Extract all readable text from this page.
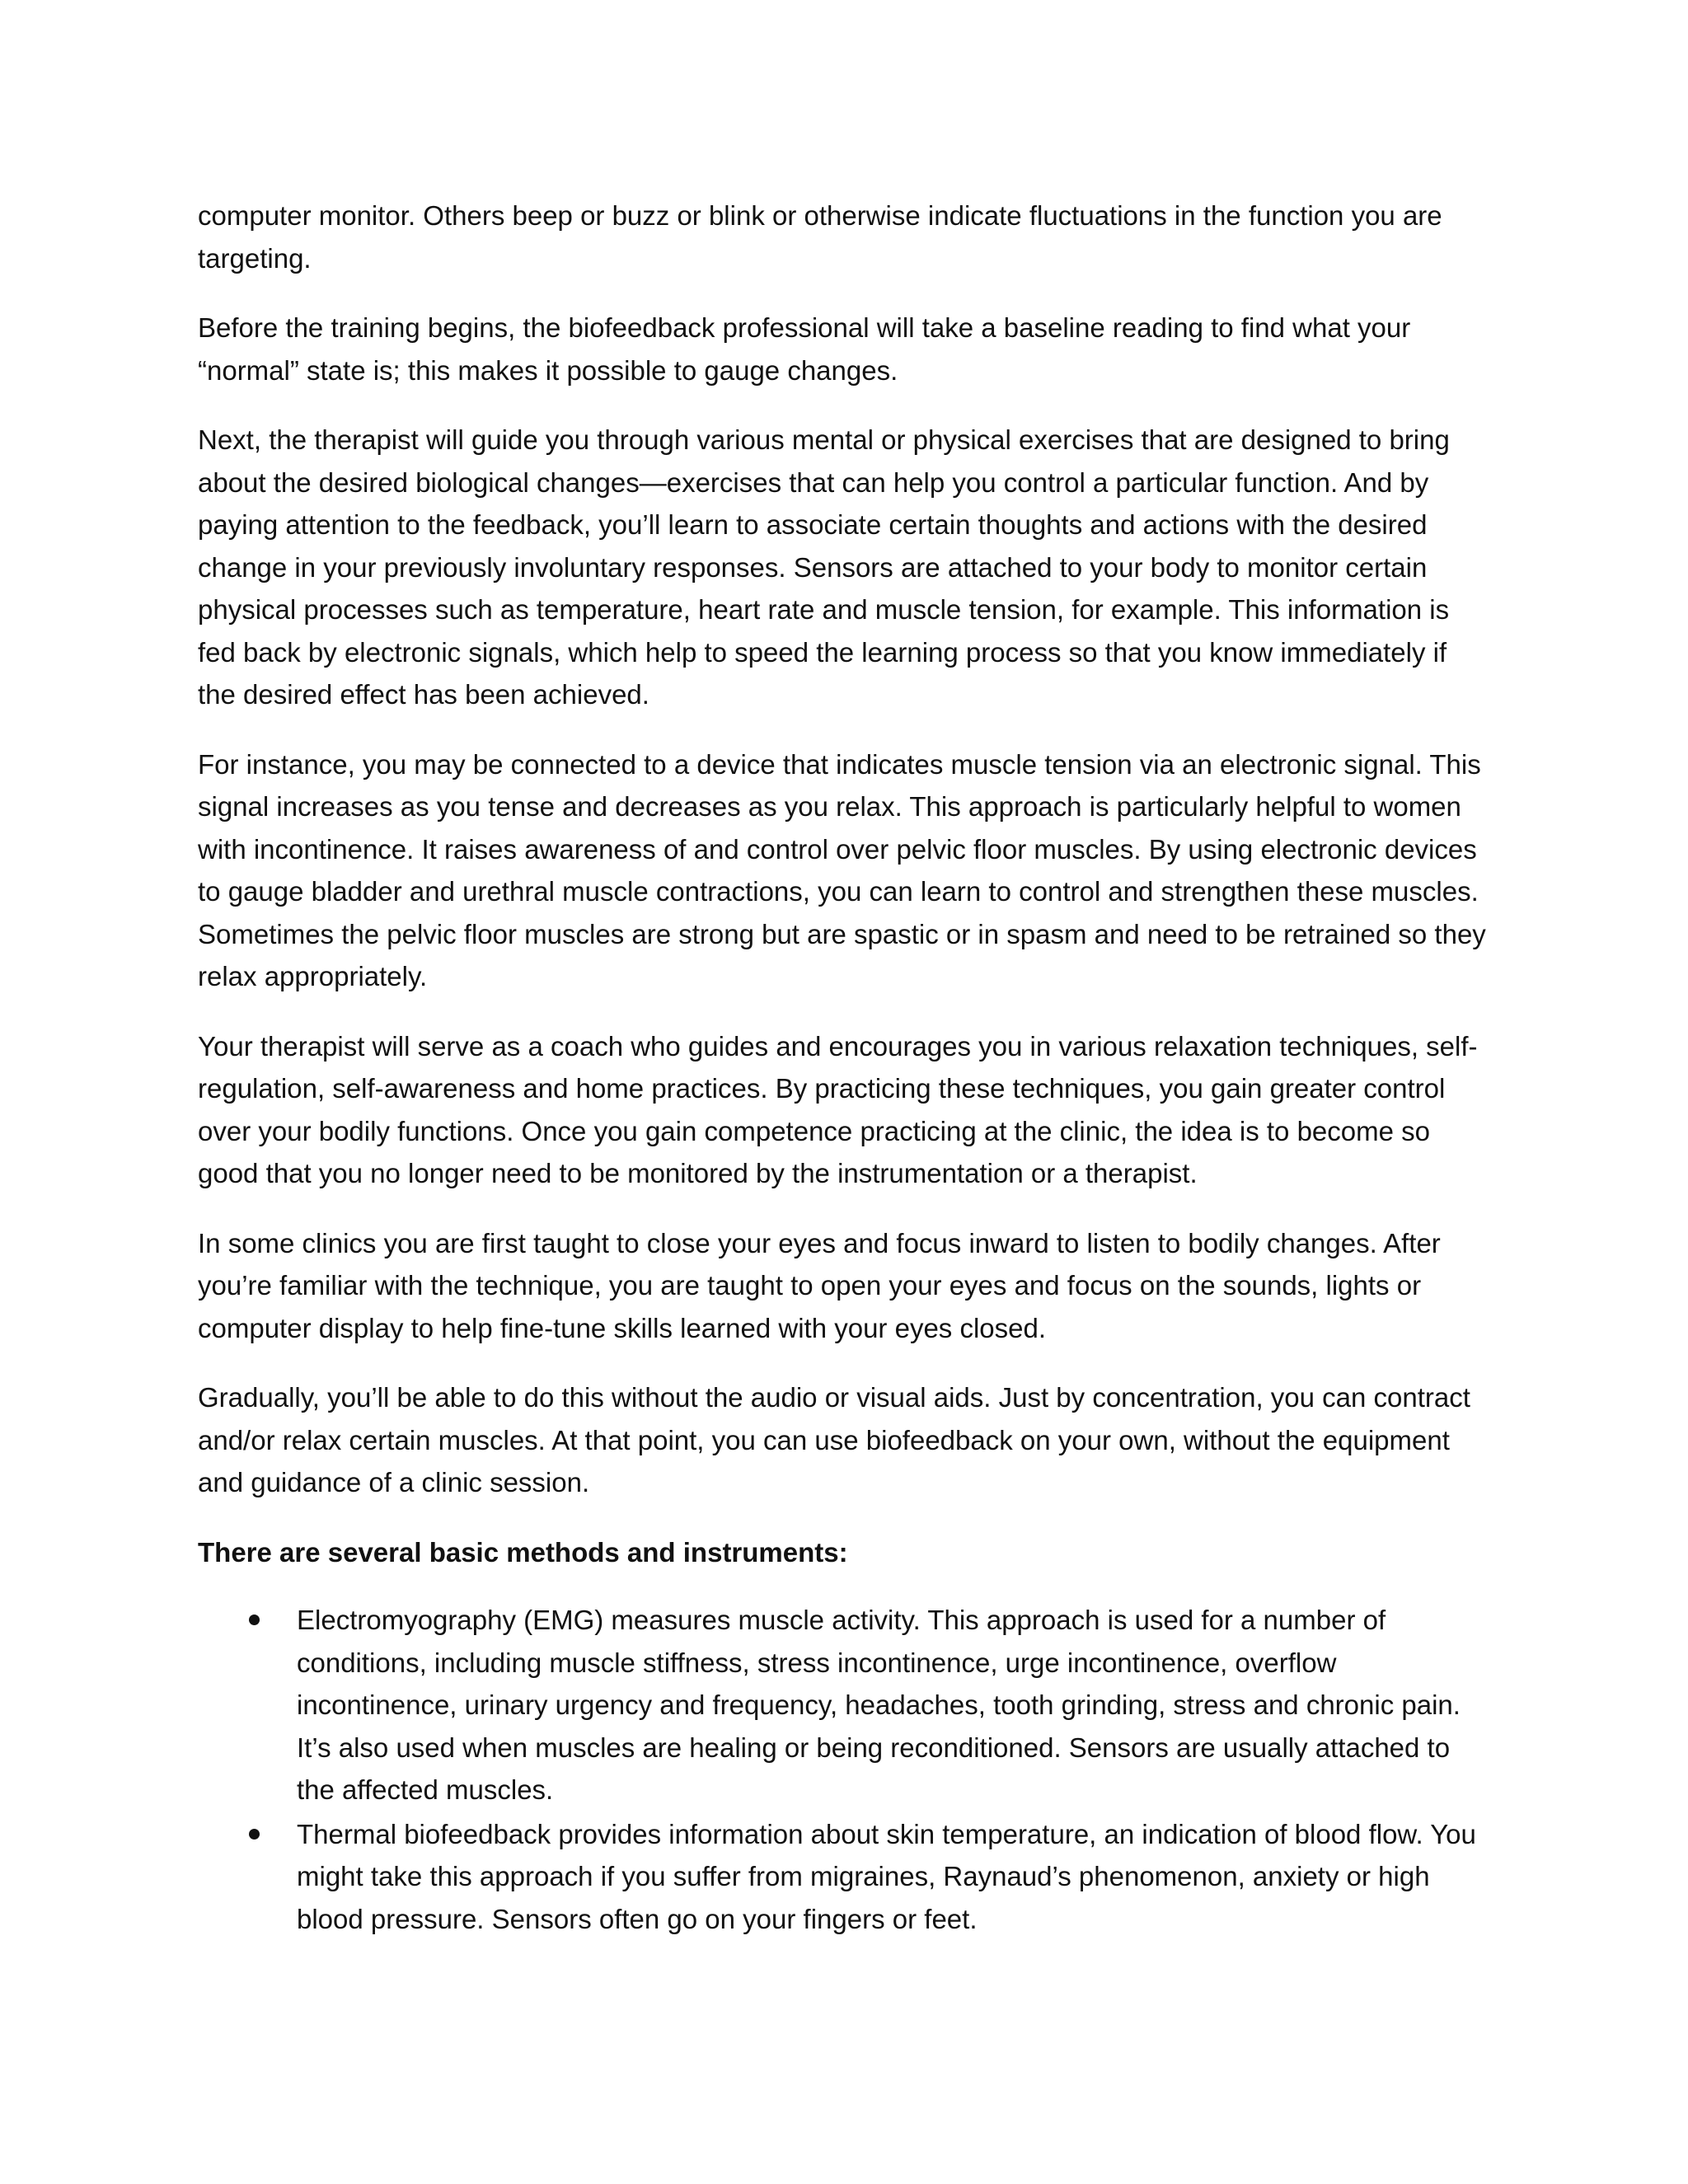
computer monitor. Others beep or buzz or blink or otherwise indicate fluctuations in the function you are targeting.

Before the training begins, the biofeedback professional will take a baseline reading to find what your “normal” state is; this makes it possible to gauge changes.

Next, the therapist will guide you through various mental or physical exercises that are designed to bring about the desired biological changes—exercises that can help you control a particular function. And by paying attention to the feedback, you’ll learn to associate certain thoughts and actions with the desired change in your previously involuntary responses. Sensors are attached to your body to monitor certain physical processes such as temperature, heart rate and muscle tension, for example. This information is fed back by electronic signals, which help to speed the learning process so that you know immediately if the desired effect has been achieved.

For instance, you may be connected to a device that indicates muscle tension via an electronic signal. This signal increases as you tense and decreases as you relax. This approach is particularly helpful to women with incontinence. It raises awareness of and control over pelvic floor muscles. By using electronic devices to gauge bladder and urethral muscle contractions, you can learn to control and strengthen these muscles. Sometimes the pelvic floor muscles are strong but are spastic or in spasm and need to be retrained so they relax appropriately.

Your therapist will serve as a coach who guides and encourages you in various relaxation techniques, self-regulation, self-awareness and home practices. By practicing these techniques, you gain greater control over your bodily functions. Once you gain competence practicing at the clinic, the idea is to become so good that you no longer need to be monitored by the instrumentation or a therapist.

In some clinics you are first taught to close your eyes and focus inward to listen to bodily changes. After you’re familiar with the technique, you are taught to open your eyes and focus on the sounds, lights or computer display to help fine-tune skills learned with your eyes closed.

Gradually, you’ll be able to do this without the audio or visual aids. Just by concentration, you can contract and/or relax certain muscles. At that point, you can use biofeedback on your own, without the equipment and guidance of a clinic session.

There are several basic methods and instruments:

Electromyography (EMG) measures muscle activity. This approach is used for a number of conditions, including muscle stiffness, stress incontinence, urge incontinence, overflow incontinence, urinary urgency and frequency, headaches, tooth grinding, stress and chronic pain. It’s also used when muscles are healing or being reconditioned. Sensors are usually attached to the affected muscles.
Thermal biofeedback provides information about skin temperature, an indication of blood flow. You might take this approach if you suffer from migraines, Raynaud’s phenomenon, anxiety or high blood pressure. Sensors often go on your fingers or feet.
